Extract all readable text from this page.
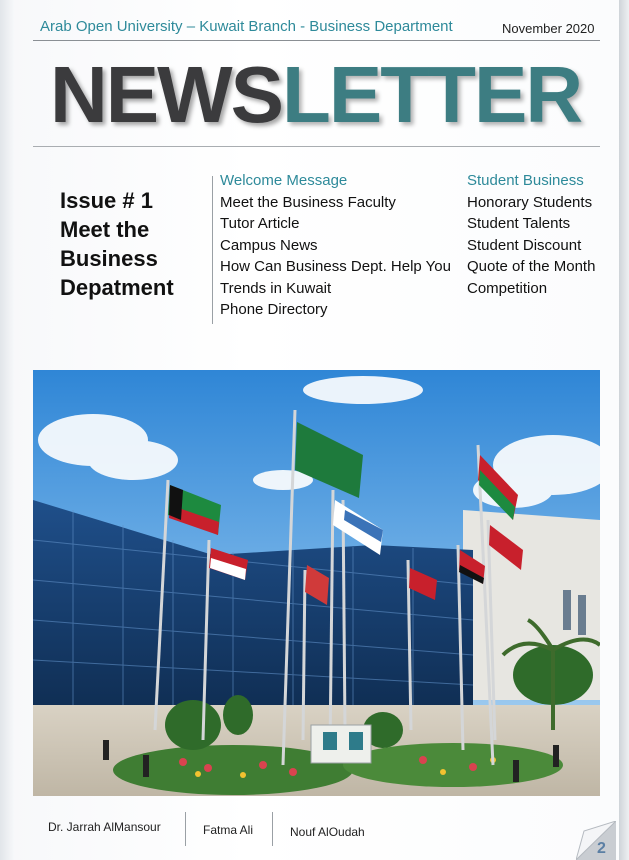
Arab Open University – Kuwait Branch - Business Department	November 2020
NEWSLETTER
Issue # 1
Meet the
Business
Depatment
Welcome Message
Meet the Business Faculty
Tutor Article
Campus News
How Can Business Dept. Help You
Trends in Kuwait
Phone Directory
Student Business
Honorary Students
Student Talents
Student Discount
Quote of the Month
Competition
Dr. Jarrah AlMansour	Fatma Ali	Nouf AlOudah
2
